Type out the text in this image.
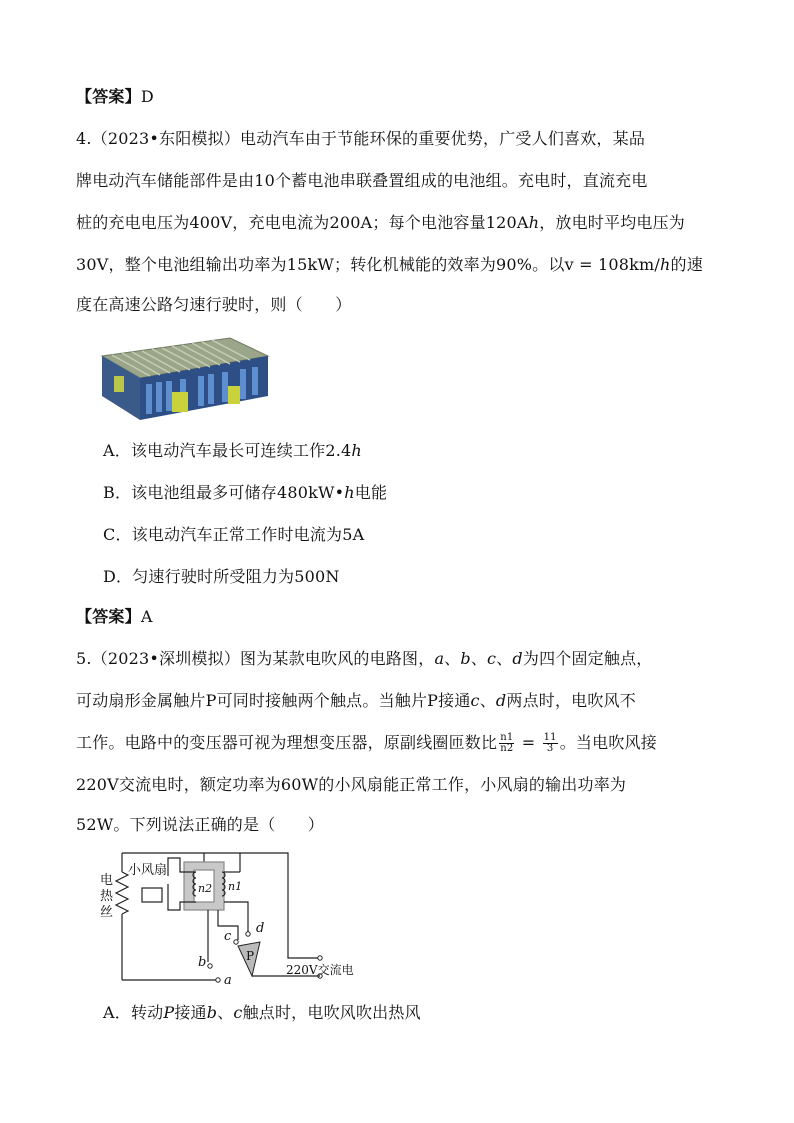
【答案】D
4.（2023•东阳模拟）电动汽车由于节能环保的重要优势，广受人们喜欢，某品
牌电动汽车储能部件是由10个蓄电池串联叠置组成的电池组。充电时，直流充电
桩的充电电压为400V，充电电流为200A；每个电池容量120Ah，放电时平均电压为
30V，整个电池组输出功率为15kW；转化机械能的效率为90%。以v = 108km/h的速
度在高速公路匀速行驶时，则（　　）
A．该电动汽车最长可连续工作2.4h
B．该电池组最多可储存480kW•h电能
C．该电动汽车正常工作时电流为5A
D．匀速行驶时所受阻力为500N
【答案】A
5.（2023•深圳模拟）图为某款电吹风的电路图，a、b、c、d为四个固定触点，
可动扇形金属触片P可同时接触两个触点。当触片P接通c、d两点时，电吹风不
工作。电路中的变压器可视为理想变压器，原副线圈匝数比 $\frac{n1}{n2} = \frac{11}{3}$ 。当电吹风接
220V交流电时，额定功率为60W的小风扇能正常工作，小风扇的输出功率为
52W。下列说法正确的是（　　）
电
热
丝
小风扇
n2 n1
c
d
b
a
P
220V交流电
A．转动P接通b、c触点时，电吹风吹出热风
